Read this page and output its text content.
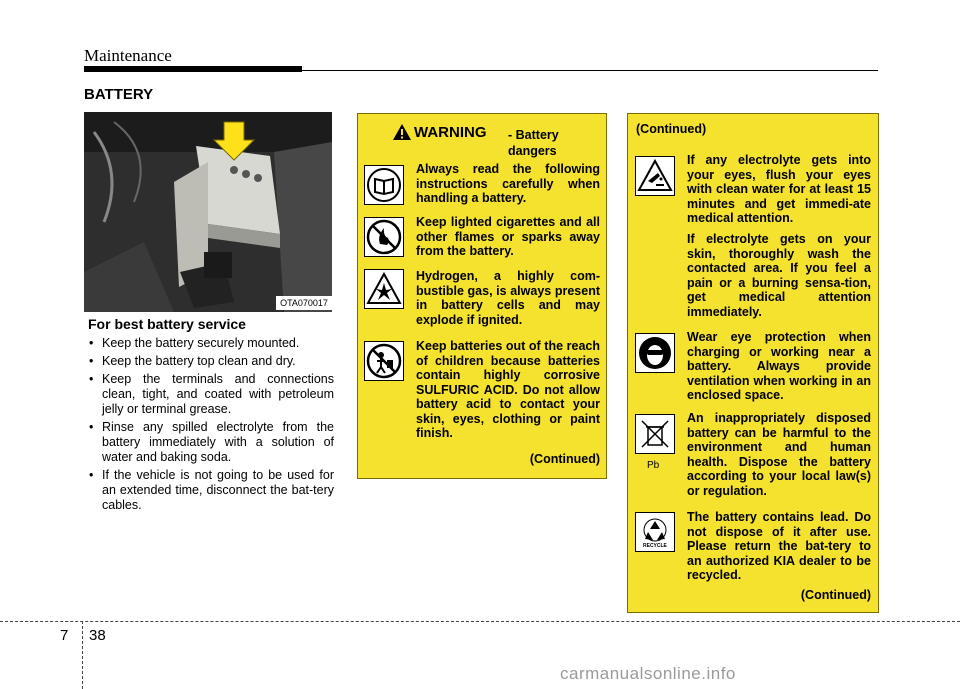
Maintenance
BATTERY
OTA070017
For best battery service
• Keep the battery securely mounted.
• Keep the battery top clean and dry.
• Keep the terminals and connections clean, tight, and coated with petroleum jelly or terminal grease.
• Rinse any spilled electrolyte from the battery immediately with a solution of water and baking soda.
• If the vehicle is not going to be used for an extended time, disconnect the bat-tery cables.
WARNING - Battery dangers
Always read the following instructions carefully when handling a battery.
Keep lighted cigarettes and all other flames or sparks away from the battery.
Hydrogen, a highly com-bustible gas, is always present in battery cells and may explode if ignited.
Keep batteries out of the reach of children because batteries contain highly corrosive SULFURIC ACID. Do not allow battery acid to contact your skin, eyes, clothing or paint finish.
(Continued)
(Continued)
If any electrolyte gets into your eyes, flush your eyes with clean water for at least 15 minutes and get immedi-ate medical attention.
If electrolyte gets on your skin, thoroughly wash the contacted area. If you feel a pain or a burning sensa-tion, get medical attention immediately.
Wear eye protection when charging or working near a battery. Always provide ventilation when working in an enclosed space.
Pb
An inappropriately disposed battery can be harmful to the environment and human health. Dispose the battery according to your local law(s) or regulation.
RECYCLE
The battery contains lead. Do not dispose of it after use. Please return the bat-tery to an authorized KIA dealer to be recycled.
(Continued)
7 38
carmanualsonline.info
